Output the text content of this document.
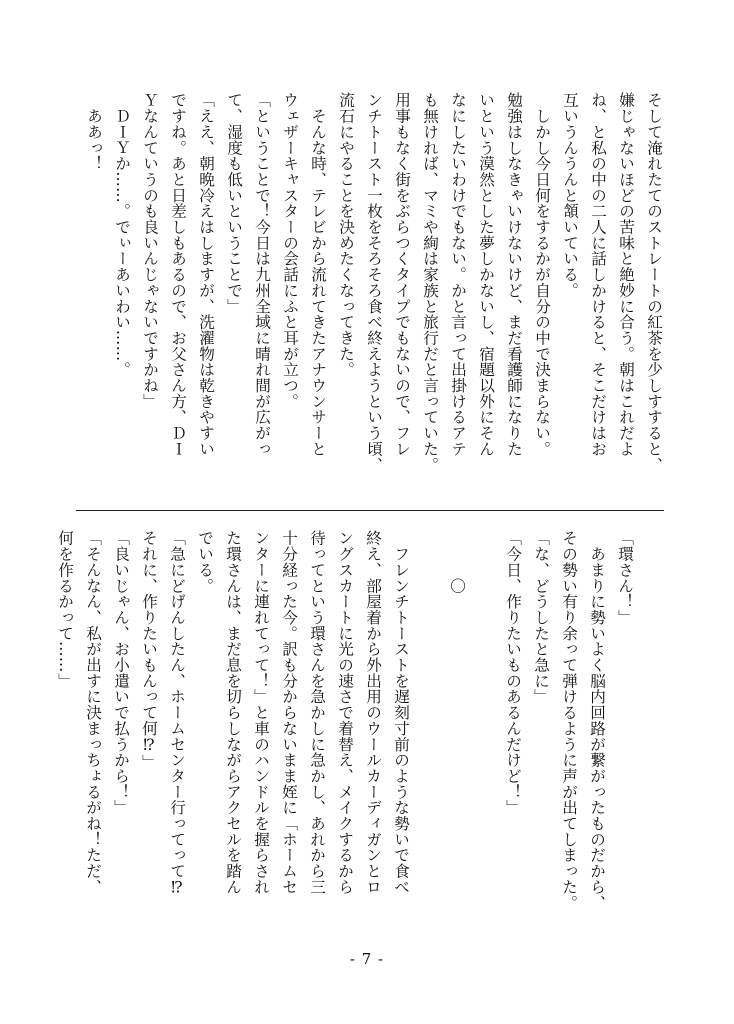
そして淹れたてのストレートの紅茶を少しすすると、
嫌じゃないほどの苦味と絶妙に合う。朝はこれだよ
ね、と私の中の二人に話しかけると、そこだけはお
互いうんうんと頷いている。
　しかし今日何をするかが自分の中で決まらない。
勉強はしなきゃいけないけど、まだ看護師になりた
いという漠然とした夢しかないし、宿題以外にそん
なにしたいわけでもない。かと言って出掛けるアテ
も無ければ、マミや絢は家族と旅行だと言っていた。
用事もなく街をぶらつくタイプでもないので、フレ
ンチトースト一枚をそろそろ食べ終えようという頃、
流石にやることを決めたくなってきた。
　そんな時、テレビから流れてきたアナウンサーと
ウェザーキャスターの会話にふと耳が立つ。
「ということで！今日は九州全域に晴れ間が広がっ
て、湿度も低いということで」
「ええ、朝晩冷えはしますが、洗濯物は乾きやすい
ですね。あと日差しもあるので、お父さん方、ＤＩ
Ｙなんていうのも良いんじゃないですかね」
　ＤＩＹか……。でぃーあいわい……。
　ああっ！
「環さん！」
　あまりに勢いよく脳内回路が繋がったものだから、
その勢い有り余って弾けるように声が出てしまった。
「な、どうしたと急に」
「今日、作りたいものあるんだけど！」

　　　〇

　フレンチトーストを遅刻寸前のような勢いで食べ
終え、部屋着から外出用のウールカーディガンとロ
ングスカートに光の速さで着替え、メイクするから
待ってという環さんを急かしに急かし、あれから三
十分経った今。訳も分からないまま姪に「ホームセ
ンターに連れてって！」と車のハンドルを握らされ
た環さんは、まだ息を切らしながらアクセルを踏ん
でいる。
「急にどげんしたん、ホームセンター行ってって⁉
それに、作りたいもんって何⁉」
「良いじゃん、お小遣いで払うから！」
「そんなん、私が出すに決まっちょるがね！ただ、
何を作るかって……」
- 7 -
